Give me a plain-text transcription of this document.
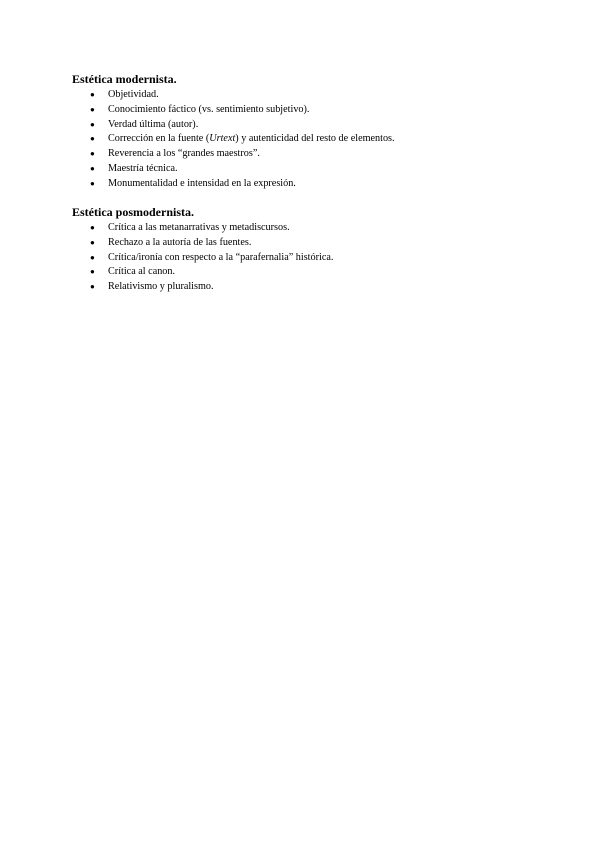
Estética modernista.
● Objetividad.
● Conocimiento fáctico (vs. sentimiento subjetivo).
● Verdad última (autor).
● Corrección en la fuente (Urtext) y autenticidad del resto de elementos.
● Reverencia a los “grandes maestros”.
● Maestría técnica.
● Monumentalidad e intensidad en la expresión.
Estética posmodernista.
● Crítica a las metanarrativas y metadiscursos.
● Rechazo a la autoría de las fuentes.
● Crítica/ironía con respecto a la “parafernalia” histórica.
● Crítica al canon.
● Relativismo y pluralismo.
